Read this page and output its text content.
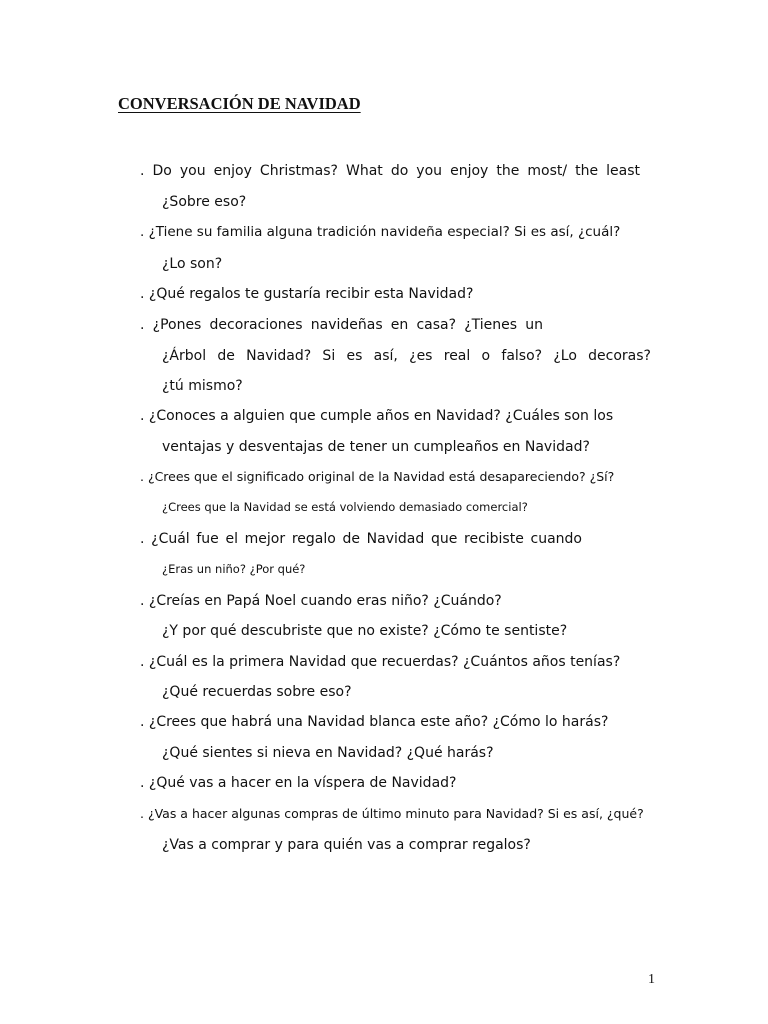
CONVERSACIÓN DE NAVIDAD

. Do you enjoy Christmas? What do you enjoy the most/ the least

¿Sobre eso?

. ¿Tiene su familia alguna tradición navideña especial? Si es así, ¿cuál?

¿Lo son?

. ¿Qué regalos te gustaría recibir esta Navidad?

. ¿Pones decoraciones navideñas en casa? ¿Tienes un

¿Árbol de Navidad? Si es así, ¿es real o falso? ¿Lo decoras?

¿tú mismo?

. ¿Conoces a alguien que cumple años en Navidad? ¿Cuáles son los

ventajas y desventajas de tener un cumpleaños en Navidad?

. ¿Crees que el significado original de la Navidad está desapareciendo? ¿Sí?

¿Crees que la Navidad se está volviendo demasiado comercial?

. ¿Cuál fue el mejor regalo de Navidad que recibiste cuando

¿Eras un niño? ¿Por qué?

. ¿Creías en Papá Noel cuando eras niño? ¿Cuándo?

¿Y por qué descubriste que no existe? ¿Cómo te sentiste?

. ¿Cuál es la primera Navidad que recuerdas? ¿Cuántos años tenías?

¿Qué recuerdas sobre eso?

. ¿Crees que habrá una Navidad blanca este año? ¿Cómo lo harás?

¿Qué sientes si nieva en Navidad? ¿Qué harás?

. ¿Qué vas a hacer en la víspera de Navidad?

. ¿Vas a hacer algunas compras de último minuto para Navidad? Si es así, ¿qué?

¿Vas a comprar y para quién vas a comprar regalos?

1
